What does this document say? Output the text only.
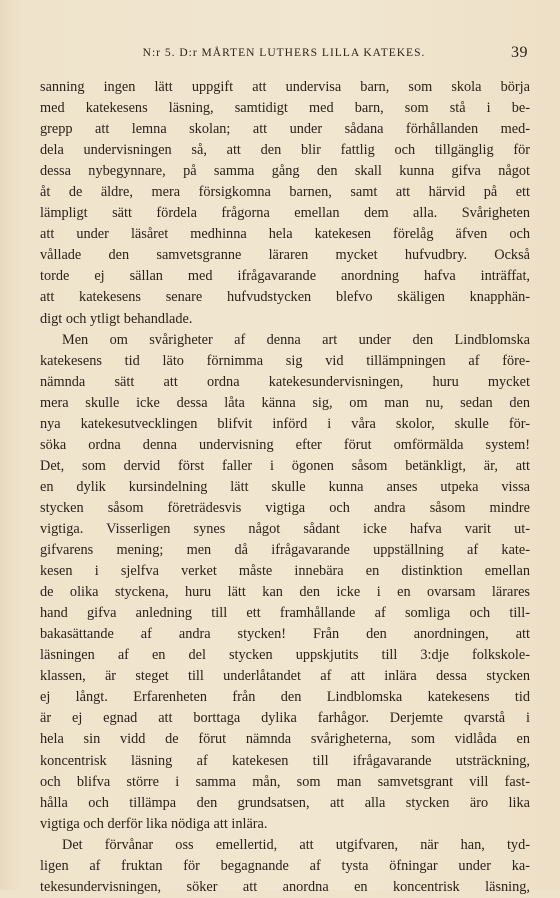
N:r 5. D:r MÅRTEN LUTHERS LILLA KATEKES.	39
sanning ingen lätt uppgift att undervisa barn, som skola börja
med katekesens läsning, samtidigt med barn, som stå i be-
grepp att lemna skolan; att under sådana förhållanden med-
dela undervisningen så, att den blir fattlig och tillgänglig för
dessa nybegynnare, på samma gång den skall kunna gifva något
åt de äldre, mera försigkomna barnen, samt att härvid på ett
lämpligt sätt fördela frågorna emellan dem alla. Svårigheten
att under läsåret medhinna hela katekesen förelåg äfven och
vållade den samvetsgranne läraren mycket hufvudbry. Också
torde ej sällan med ifrågavarande anordning hafva inträffat,
att katekesens senare hufvudstycken blefvo skäligen knapphän-
digt och ytligt behandlade.
Men om svårigheter af denna art under den Lindblomska
katekesens tid läto förnimma sig vid tillämpningen af före-
nämnda sätt att ordna katekesundervisningen, huru mycket
mera skulle icke dessa låta känna sig, om man nu, sedan den
nya katekesutvecklingen blifvit införd i våra skolor, skulle för-
söka ordna denna undervisning efter förut omförmälda system!
Det, som dervid först faller i ögonen såsom betänkligt, är, att
en dylik kursindelning lätt skulle kunna anses utpeka vissa
stycken såsom företrädesvis vigtiga och andra såsom mindre
vigtiga. Visserligen synes något sådant icke hafva varit ut-
gifvarens mening; men då ifrågavarande uppställning af kate-
kesen i sjelfva verket måste innebära en distinktion emellan
de olika styckena, huru lätt kan den icke i en ovarsam lärares
hand gifva anledning till ett framhållande af somliga och till-
bakasättande af andra stycken! Från den anordningen, att
läsningen af en del stycken uppskjutits till 3:dje folkskole-
klassen, är steget till underlåtandet af att inlära dessa stycken
ej långt. Erfarenheten från den Lindblomska katekesens tid
är ej egnad att borttaga dylika farhågor. Derjemte qvarstå i
hela sin vidd de förut nämnda svårigheterna, som vidlåda en
koncentrisk läsning af katekesen till ifrågavarande utsträckning,
och blifva större i samma mån, som man samvetsgrant vill fast-
hålla och tillämpa den grundsatsen, att alla stycken äro lika
vigtiga och derför lika nödiga att inlära.
Det förvånar oss emellertid, att utgifvaren, när han, tyd-
ligen af fruktan för begagnande af tysta öfningar under ka-
tekesundervisningen, söker att anordna en koncentrisk läsning,
